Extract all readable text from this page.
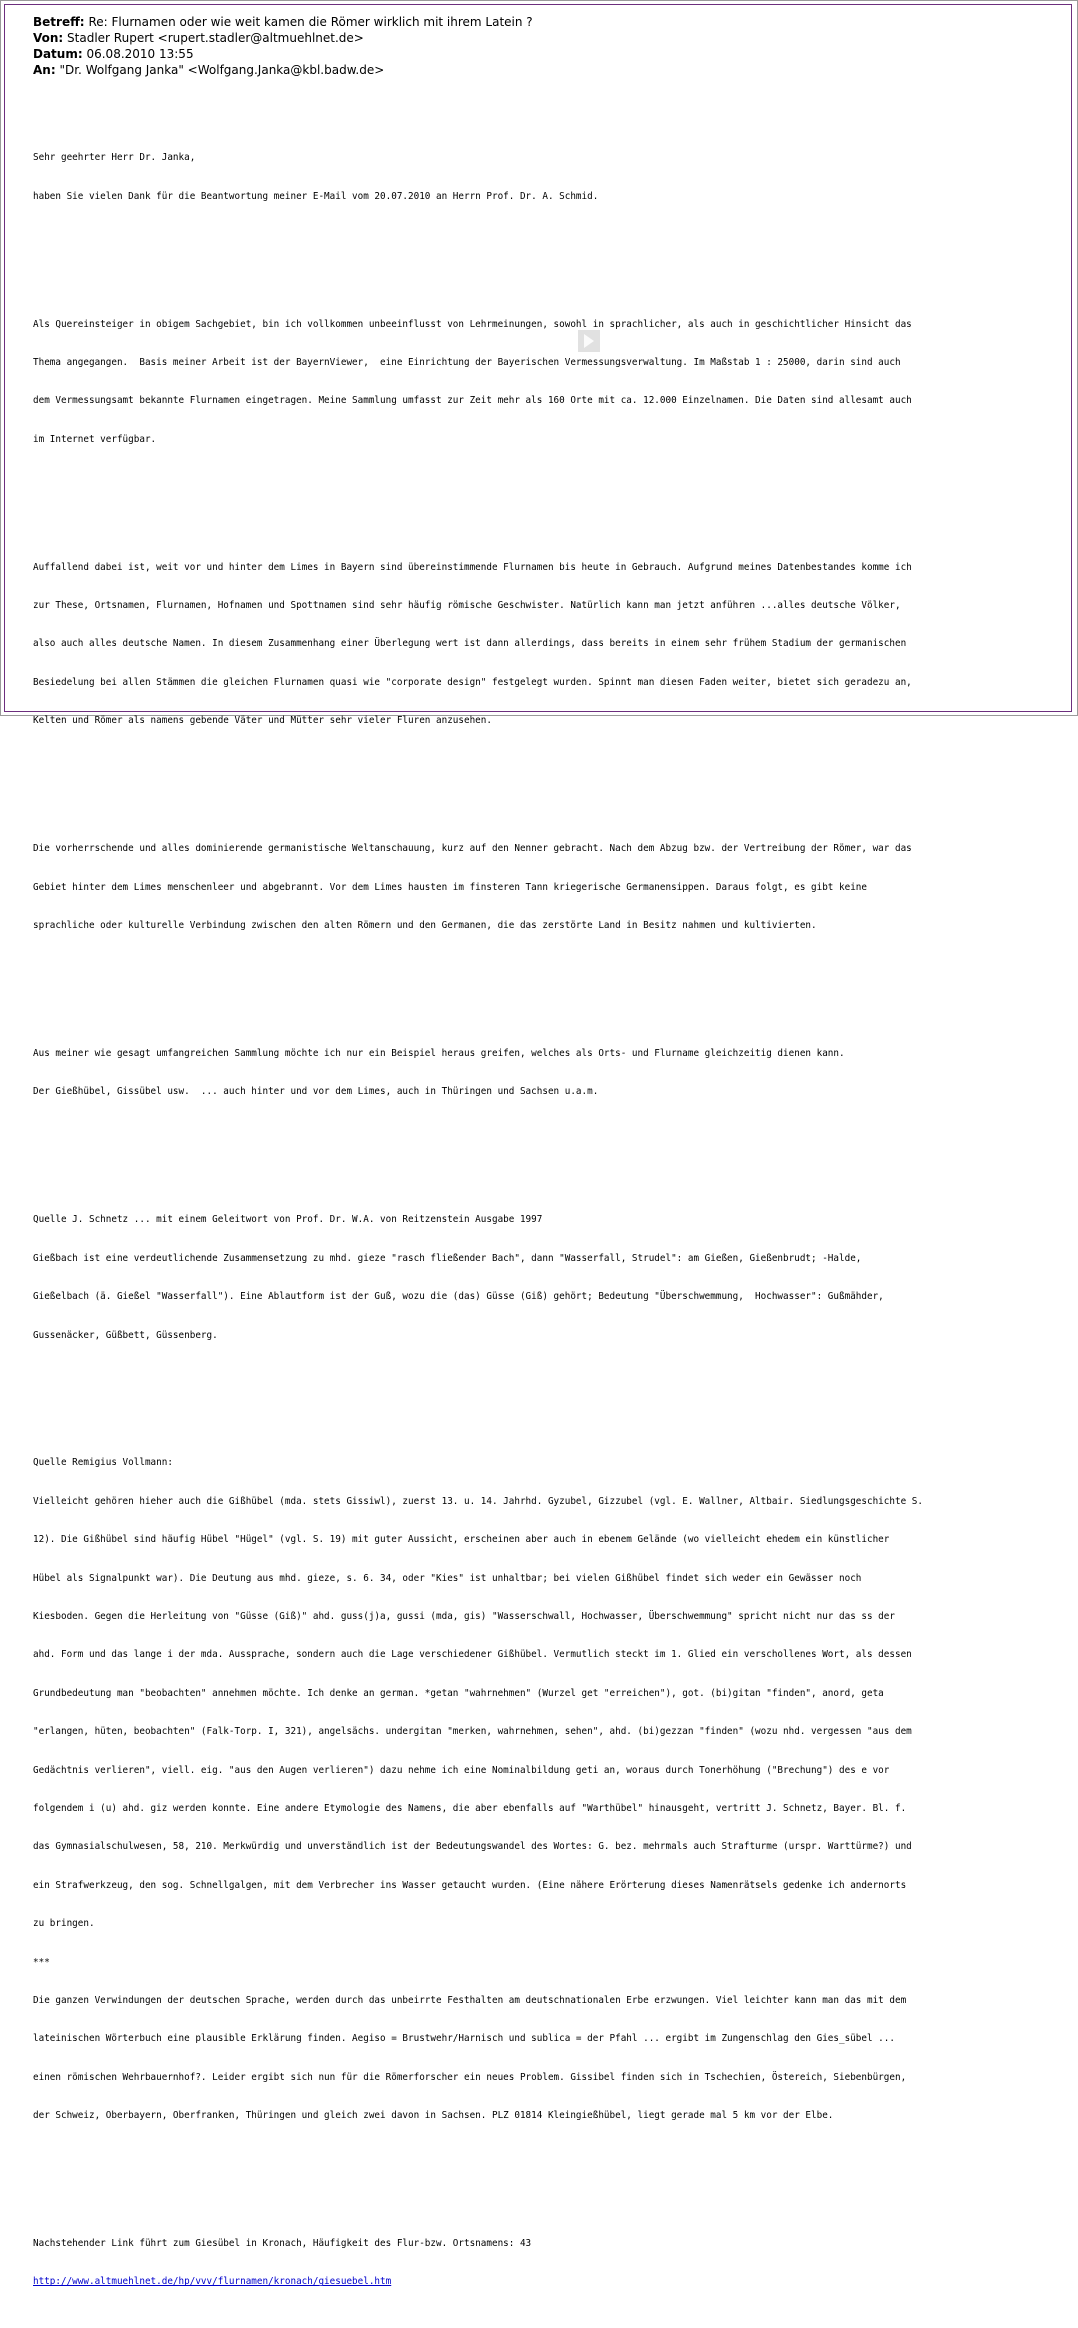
Betreff: Re: Flurnamen oder wie weit kamen die Römer wirklich mit ihrem Latein ?
Von: Stadler Rupert <rupert.stadler@altmuehlnet.de>
Datum: 06.08.2010 13:55
An: "Dr. Wolfgang Janka" <Wolfgang.Janka@kbl.badw.de>

Sehr geehrter Herr Dr. Janka,

haben Sie vielen Dank für die Beantwortung meiner E-Mail vom 20.07.2010 an Herrn Prof. Dr. A. Schmid.

Als Quereinsteiger in obigem Sachgebiet, bin ich vollkommen unbeeinflusst von Lehrmeinungen, sowohl in sprachlicher, als auch in geschichtlicher Hinsicht das

Thema angegangen.  Basis meiner Arbeit ist der BayernViewer,  eine Einrichtung der Bayerischen Vermessungsverwaltung. Im Maßstab 1 : 25000, darin sind auch

dem Vermessungsamt bekannte Flurnamen eingetragen. Meine Sammlung umfasst zur Zeit mehr als 160 Orte mit ca. 12.000 Einzelnamen. Die Daten sind allesamt auch

im Internet verfügbar.

Auffallend dabei ist, weit vor und hinter dem Limes in Bayern sind übereinstimmende Flurnamen bis heute in Gebrauch. Aufgrund meines Datenbestandes komme ich

zur These, Ortsnamen, Flurnamen, Hofnamen und Spottnamen sind sehr häufig römische Geschwister. Natürlich kann man jetzt anführen ...alles deutsche Völker,

also auch alles deutsche Namen. In diesem Zusammenhang einer Überlegung wert ist dann allerdings, dass bereits in einem sehr frühem Stadium der germanischen

Besiedelung bei allen Stämmen die gleichen Flurnamen quasi wie "corporate design" festgelegt wurden. Spinnt man diesen Faden weiter, bietet sich geradezu an,

Kelten und Römer als namens gebende Väter und Mütter sehr vieler Fluren anzusehen.

Die vorherrschende und alles dominierende germanistische Weltanschauung, kurz auf den Nenner gebracht. Nach dem Abzug bzw. der Vertreibung der Römer, war das

Gebiet hinter dem Limes menschenleer und abgebrannt. Vor dem Limes hausten im finsteren Tann kriegerische Germanensippen. Daraus folgt, es gibt keine

sprachliche oder kulturelle Verbindung zwischen den alten Römern und den Germanen, die das zerstörte Land in Besitz nahmen und kultivierten.

Aus meiner wie gesagt umfangreichen Sammlung möchte ich nur ein Beispiel heraus greifen, welches als Orts- und Flurname gleichzeitig dienen kann.

Der Gießhübel, Gissübel usw.  ... auch hinter und vor dem Limes, auch in Thüringen und Sachsen u.a.m.

Quelle J. Schnetz ... mit einem Geleitwort von Prof. Dr. W.A. von Reitzenstein Ausgabe 1997

Gießbach ist eine verdeutlichende Zusammensetzung zu mhd. gieze "rasch fließender Bach", dann "Wasserfall, Strudel": am Gießen, Gießenbrudt; -Halde,

Gießelbach (ä. Gießel "Wasserfall"). Eine Ablautform ist der Guß, wozu die (das) Güsse (Giß) gehört; Bedeutung "Überschwemmung,  Hochwasser": Gußmähder,

Gussenäcker, Güßbett, Güssenberg.

Quelle Remigius Vollmann:

Vielleicht gehören hieher auch die Gißhübel (mda. stets Gissiwl), zuerst 13. u. 14. Jahrhd. Gyzubel, Gizzubel (vgl. E. Wallner, Altbair. Siedlungsgeschichte S.

12). Die Gißhübel sind häufig Hübel "Hügel" (vgl. S. 19) mit guter Aussicht, erscheinen aber auch in ebenem Gelände (wo vielleicht ehedem ein künstlicher

Hübel als Signalpunkt war). Die Deutung aus mhd. gieze, s. 6. 34, oder "Kies" ist unhaltbar; bei vielen Gißhübel findet sich weder ein Gewässer noch

Kiesboden. Gegen die Herleitung von "Güsse (Giß)" ahd. guss(j)a, gussi (mda, gis) "Wasserschwall, Hochwasser, Überschwemmung" spricht nicht nur das ss der

ahd. Form und das lange i der mda. Aussprache, sondern auch die Lage verschiedener Gißhübel. Vermutlich steckt im 1. Glied ein verschollenes Wort, als dessen

Grundbedeutung man "beobachten" annehmen möchte. Ich denke an german. *getan "wahrnehmen" (Wurzel get "erreichen"), got. (bi)gitan "finden", anord, geta

"erlangen, hüten, beobachten" (Falk-Torp. I, 321), angelsächs. undergitan "merken, wahrnehmen, sehen", ahd. (bi)gezzan "finden" (wozu nhd. vergessen "aus dem

Gedächtnis verlieren", viell. eig. "aus den Augen verlieren") dazu nehme ich eine Nominalbildung geti an, woraus durch Tonerhöhung ("Brechung") des e vor

folgendem i (u) ahd. giz werden konnte. Eine andere Etymologie des Namens, die aber ebenfalls auf "Warthübel" hinausgeht, vertritt J. Schnetz, Bayer. Bl. f.

das Gymnasialschulwesen, 58, 210. Merkwürdig und unverständlich ist der Bedeutungswandel des Wortes: G. bez. mehrmals auch Strafturme (urspr. Warttürme?) und

ein Strafwerkzeug, den sog. Schnellgalgen, mit dem Verbrecher ins Wasser getaucht wurden. (Eine nähere Erörterung dieses Namenrätsels gedenke ich andernorts

zu bringen.

***

Die ganzen Verwindungen der deutschen Sprache, werden durch das unbeirrte Festhalten am deutschnationalen Erbe erzwungen. Viel leichter kann man das mit dem

lateinischen Wörterbuch eine plausible Erklärung finden. Aegiso = Brustwehr/Harnisch und sublica = der Pfahl ... ergibt im Zungenschlag den Gies_sübel ...

einen römischen Wehrbauernhof?. Leider ergibt sich nun für die Römerforscher ein neues Problem. Gissibel finden sich in Tschechien, Östereich, Siebenbürgen,

der Schweiz, Oberbayern, Oberfranken, Thüringen und gleich zwei davon in Sachsen. PLZ 01814 Kleingießhübel, liegt gerade mal 5 km vor der Elbe.

Nachstehender Link führt zum Giesübel in Kronach, Häufigkeit des Flur-bzw. Ortsnamens: 43

http://www.altmuehlnet.de/hp/vvv/flurnamen/kronach/giesuebel.htm
